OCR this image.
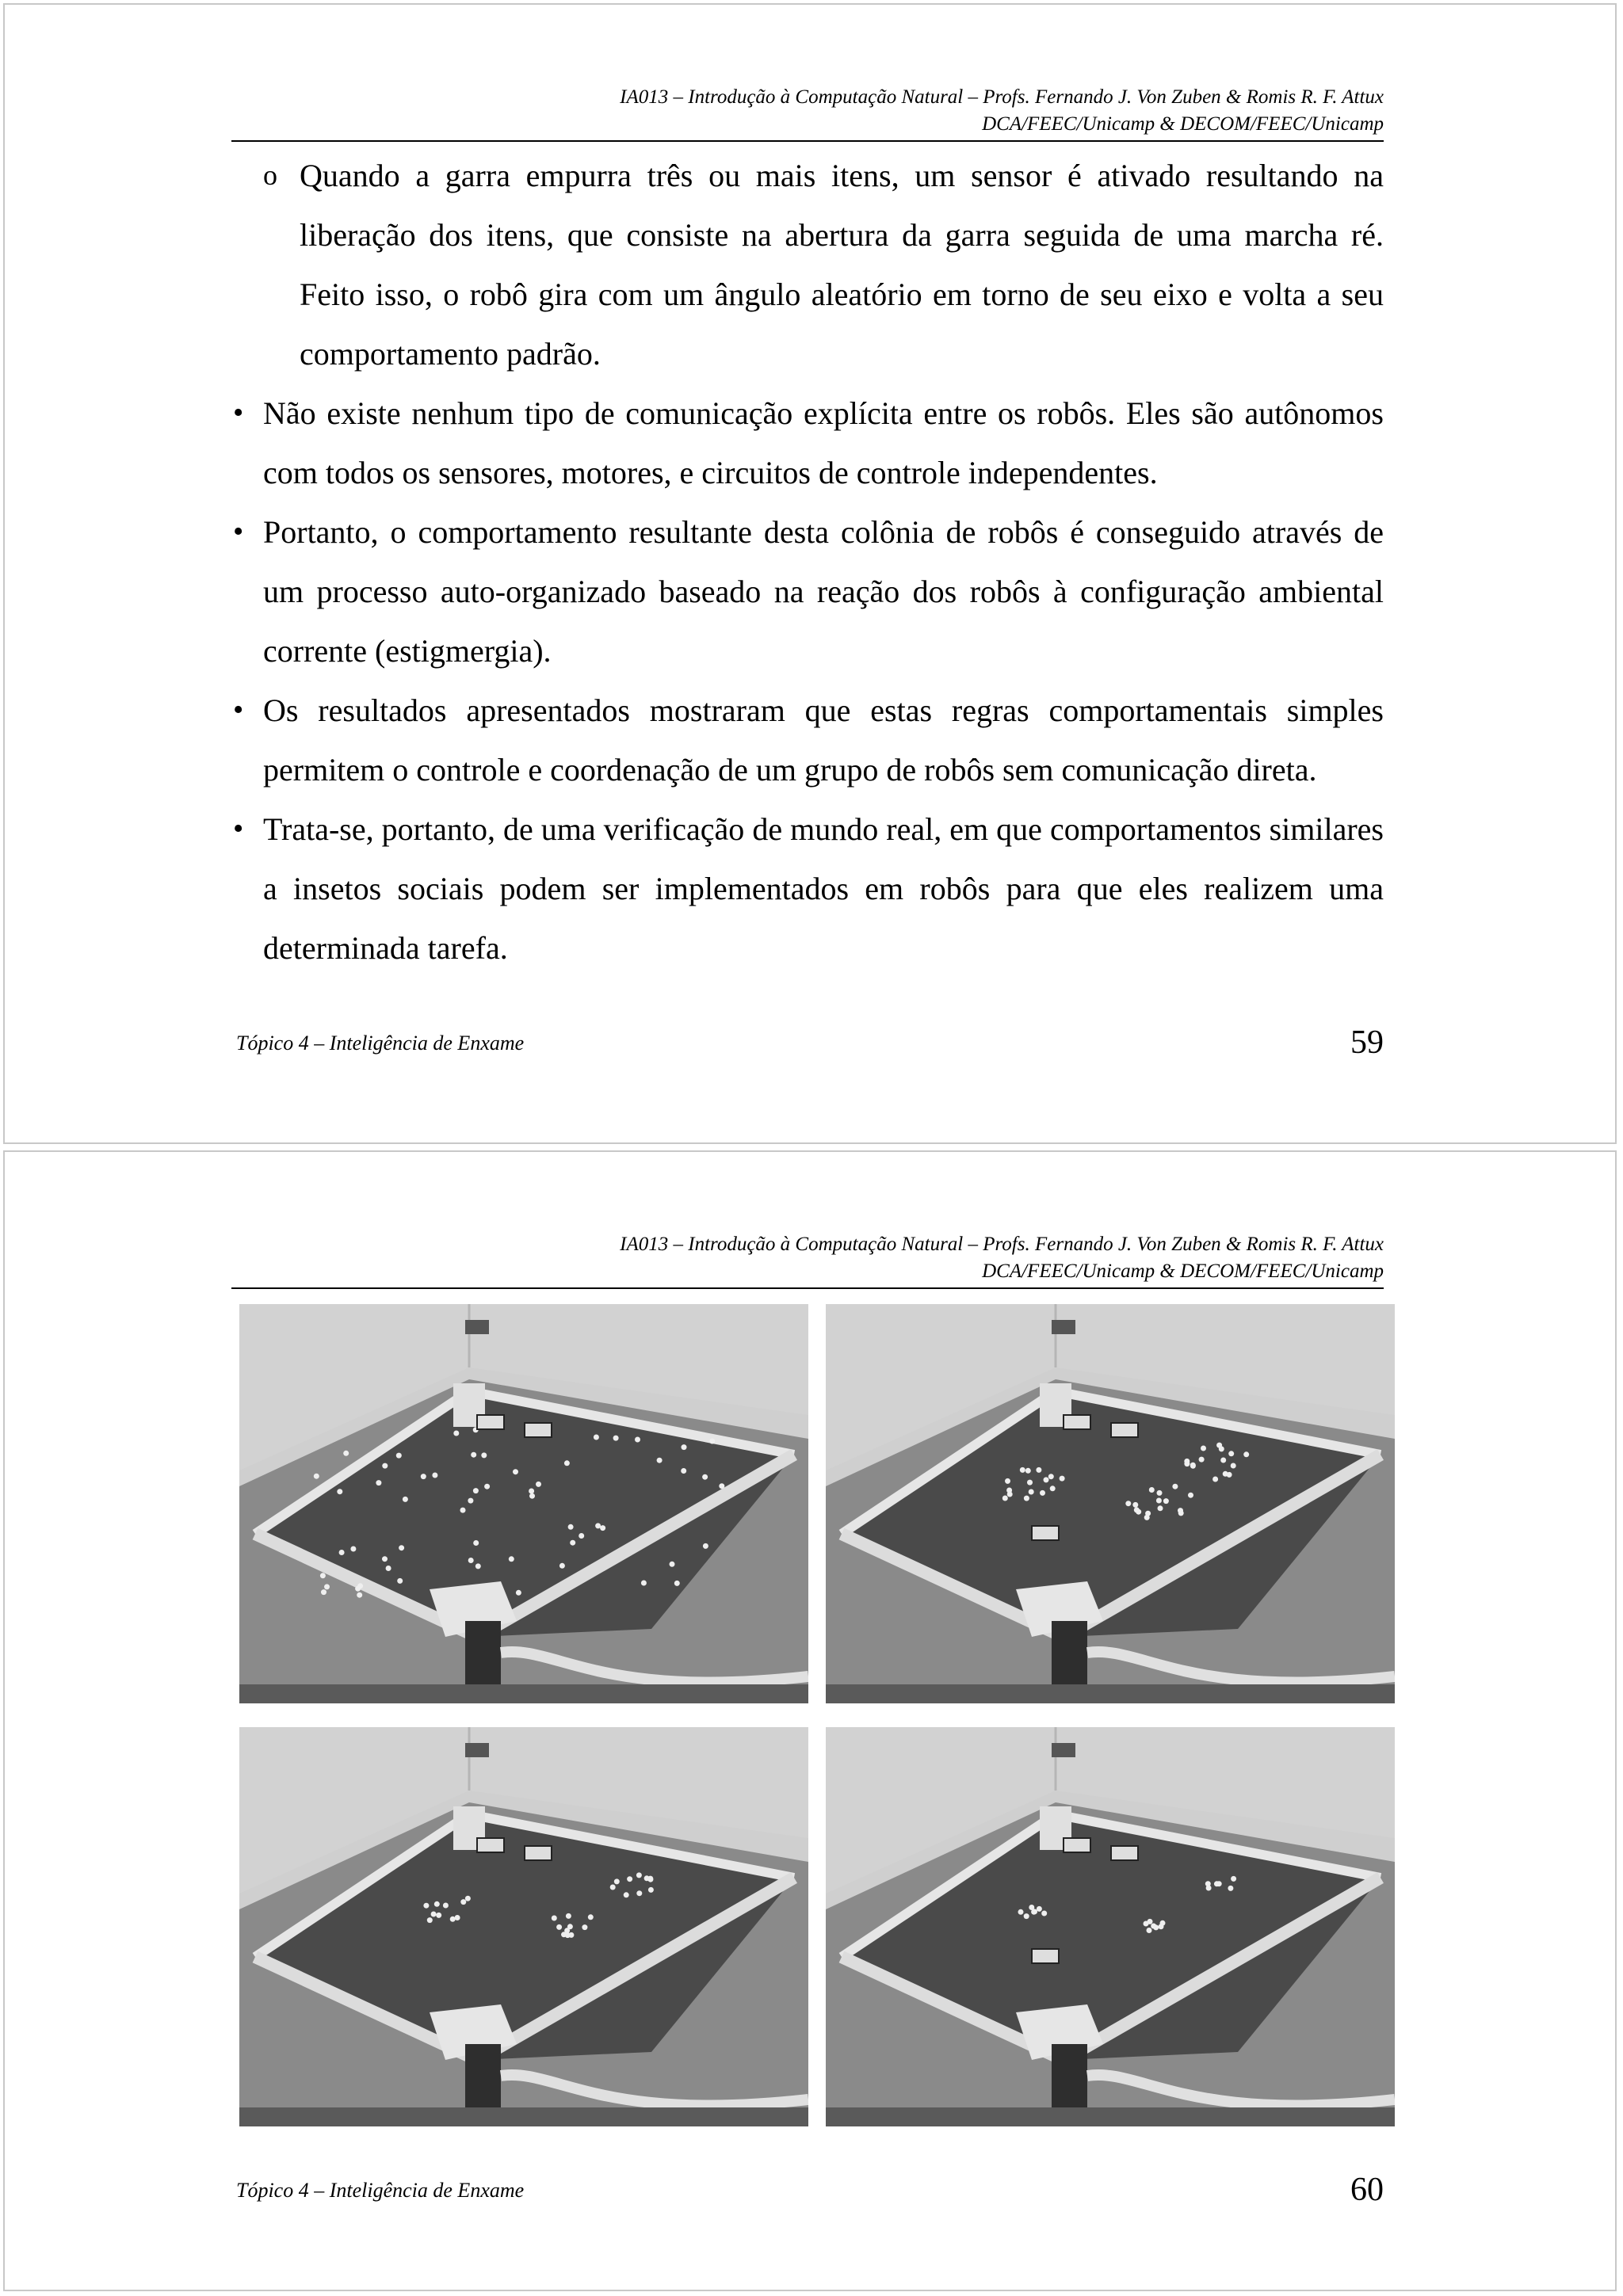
IA013 – Introdução à Computação Natural – Profs. Fernando J. Von Zuben & Romis R. F. Attux
DCA/FEEC/Unicamp & DECOM/FEEC/Unicamp
o Quando a garra empurra três ou mais itens, um sensor é ativado resultando na liberação dos itens, que consiste na abertura da garra seguida de uma marcha ré. Feito isso, o robô gira com um ângulo aleatório em torno de seu eixo e volta a seu comportamento padrão.
• Não existe nenhum tipo de comunicação explícita entre os robôs. Eles são autônomos com todos os sensores, motores, e circuitos de controle independentes.
• Portanto, o comportamento resultante desta colônia de robôs é conseguido através de um processo auto-organizado baseado na reação dos robôs à configuração ambiental corrente (estigmergia).
• Os resultados apresentados mostraram que estas regras comportamentais simples permitem o controle e coordenação de um grupo de robôs sem comunicação direta.
• Trata-se, portanto, de uma verificação de mundo real, em que comportamentos similares a insetos sociais podem ser implementados em robôs para que eles realizem uma determinada tarefa.
Tópico 4 – Inteligência de Enxame	59
IA013 – Introdução à Computação Natural – Profs. Fernando J. Von Zuben & Romis R. F. Attux
DCA/FEEC/Unicamp & DECOM/FEEC/Unicamp
Tópico 4 – Inteligência de Enxame	60
